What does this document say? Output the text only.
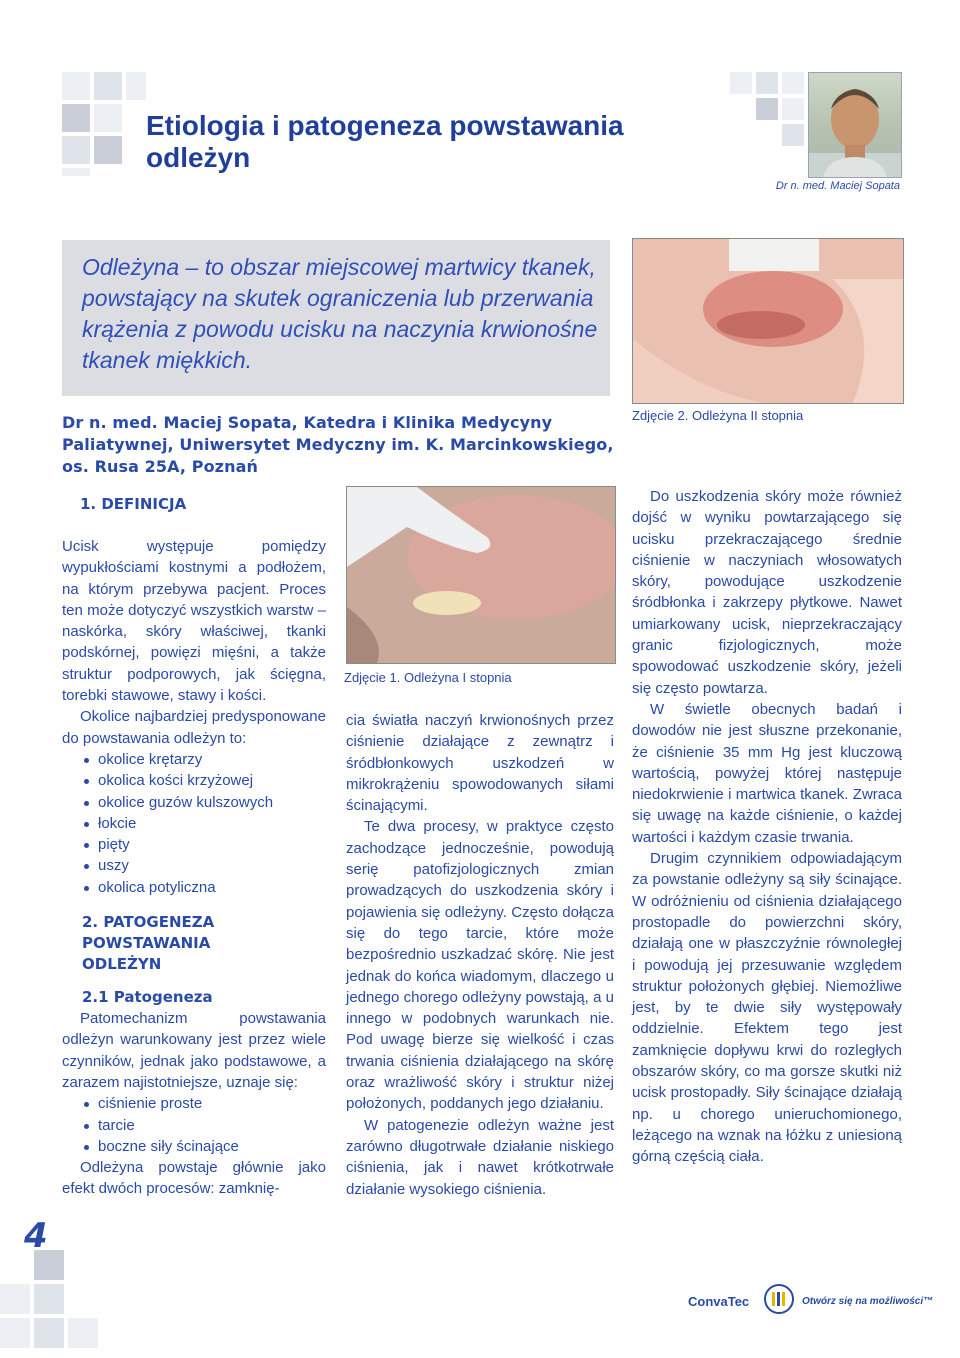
Etiologia i patogeneza powstawania odleżyn
Dr n. med. Maciej Sopata
Odleżyna – to obszar miejscowej martwicy tkanek, powstający na skutek ograniczenia lub przerwania krążenia z powodu ucisku na naczynia krwionośne tkanek miękkich.
Dr n. med. Maciej Sopata, Katedra i Klinika Medycyny Paliatywnej, Uniwersytet Medyczny im. K. Marcinkowskiego, os. Rusa 25A, Poznań
Zdjęcie 2. Odleżyna II stopnia
Zdjęcie 1. Odleżyna I stopnia
1. DEFINICJA

Ucisk występuje pomiędzy wypukłościami kostnymi a podłożem, na którym przebywa pacjent. Proces ten może dotyczyć wszystkich warstw – naskórka, skóry właściwej, tkanki podskórnej, powięzi mięśni, a także struktur podporowych, jak ścięgna, torebki stawowe, stawy i kości.

Okolice najbardziej predysponowane do powstawania odleżyn to:

okolice krętarzy
okolica kości krzyżowej
okolice guzów kulszowych
łokcie
pięty
uszy
okolica potyliczna
2. PATOGENEZA POWSTAWANIA ODLEŻYN
2.1 Patogeneza

Patomechanizm powstawania odleżyn warunkowany jest przez wiele czynników, jednak jako podstawowe, a zarazem najistotniejsze, uznaje się:

ciśnienie proste
tarcie
boczne siły ścinające

Odleżyna powstaje głównie jako efekt dwóch procesów: zamknię-

cia światła naczyń krwionośnych przez ciśnienie działające z zewnątrz i śródbłonkowych uszkodzeń w mikrokrążeniu spowodowanych siłami ścinającymi.

Te dwa procesy, w praktyce często zachodzące jednocześnie, powodują serię patofizjologicznych zmian prowadzących do uszkodzenia skóry i pojawienia się odleżyny. Często dołącza się do tego tarcie, które może bezpośrednio uszkadzać skórę. Nie jest jednak do końca wiadomym, dlaczego u jednego chorego odleżyny powstają, a u innego w podobnych warunkach nie. Pod uwagę bierze się wielkość i czas trwania ciśnienia działającego na skórę oraz wrażliwość skóry i struktur niżej położonych, poddanych jego działaniu.

W patogenezie odleżyn ważne jest zarówno długotrwałe działanie niskiego ciśnienia, jak i nawet krótkotrwałe działanie wysokiego ciśnienia.

Do uszkodzenia skóry może również dojść w wyniku powtarzającego się ucisku przekraczającego średnie ciśnienie w naczyniach włosowatych skóry, powodujące uszkodzenie śródbłonka i zakrzepy płytkowe. Nawet umiarkowany ucisk, nieprzekraczający granic fizjologicznych, może spowodować uszkodzenie skóry, jeżeli się często powtarza.

W świetle obecnych badań i dowodów nie jest słuszne przekonanie, że ciśnienie 35 mm Hg jest kluczową wartością, powyżej której następuje niedokrwienie i martwica tkanek. Zwraca się uwagę na każde ciśnienie, o każdej wartości i każdym czasie trwania.

Drugim czynnikiem odpowiadającym za powstanie odleżyny są siły ścinające. W odróżnieniu od ciśnienia działającego prostopadle do powierzchni skóry, działają one w płaszczyźnie równoległej i powodują jej przesuwanie względem struktur położonych głębiej. Niemożliwe jest, by te dwie siły występowały oddzielnie. Efektem tego jest zamknięcie dopływu krwi do rozległych obszarów skóry, co ma gorsze skutki niż ucisk prostopadły. Siły ścinające działają np. u chorego unieruchomionego, leżącego na wznak na łóżku z uniesioną górną częścią ciała.

4
ConvaTec	Otwórz się na możliwości™
